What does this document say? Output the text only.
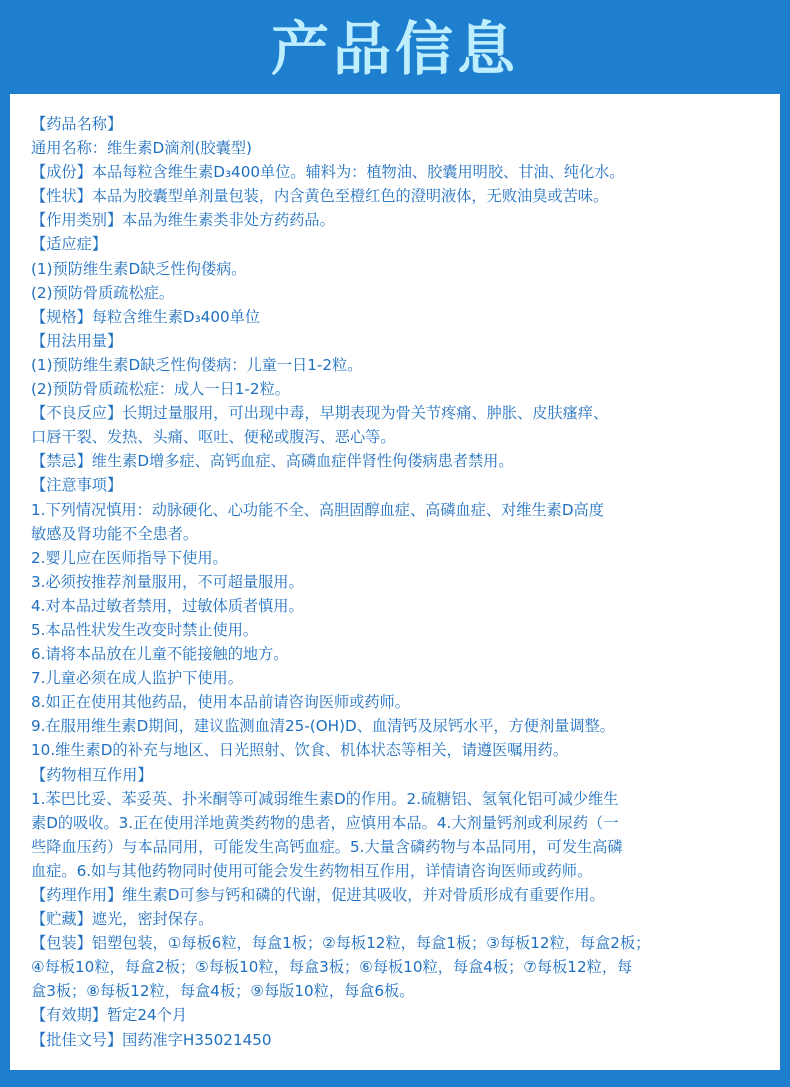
产品信息
【药品名称】
通用名称：维生素D滴剂(胶囊型)
【成份】本品每粒含维生素D₃400单位。辅料为：植物油、胶囊用明胶、甘油、纯化水。
【性状】本品为胶囊型单剂量包装，内含黄色至橙红色的澄明液体，无败油臭或苦味。
【作用类别】本品为维生素类非处方药药品。
【适应症】
(1)预防维生素D缺乏性佝偻病。
(2)预防骨质疏松症。
【规格】每粒含维生素D₃400单位
【用法用量】
(1)预防维生素D缺乏性佝偻病：儿童一日1-2粒。
(2)预防骨质疏松症：成人一日1-2粒。
【不良反应】长期过量服用，可出现中毒，早期表现为骨关节疼痛、肿胀、皮肤瘙痒、
口唇干裂、发热、头痛、呕吐、便秘或腹泻、恶心等。
【禁忌】维生素D增多症、高钙血症、高磷血症伴肾性佝偻病患者禁用。
【注意事项】
1.下列情况慎用：动脉硬化、心功能不全、高胆固醇血症、高磷血症、对维生素D高度
敏感及肾功能不全患者。
2.婴儿应在医师指导下使用。
3.必须按推荐剂量服用，不可超量服用。
4.对本品过敏者禁用，过敏体质者慎用。
5.本品性状发生改变时禁止使用。
6.请将本品放在儿童不能接触的地方。
7.儿童必须在成人监护下使用。
8.如正在使用其他药品，使用本品前请咨询医师或药师。
9.在服用维生素D期间，建议监测血清25-(OH)D、血清钙及尿钙水平，方便剂量调整。
10.维生素D的补充与地区、日光照射、饮食、机体状态等相关，请遵医嘱用药。
【药物相互作用】
1.苯巴比妥、苯妥英、扑米酮等可减弱维生素D的作用。2.硫糖铝、氢氧化铝可减少维生
素D的吸收。3.正在使用洋地黄类药物的患者，应慎用本品。4.大剂量钙剂或利尿药（一
些降血压药）与本品同用，可能发生高钙血症。5.大量含磷药物与本品同用，可发生高磷
血症。6.如与其他药物同时使用可能会发生药物相互作用，详情请咨询医师或药师。
【药理作用】维生素D可参与钙和磷的代谢，促进其吸收，并对骨质形成有重要作用。
【贮藏】遮光，密封保存。
【包装】铝塑包装，①每板6粒，每盒1板；②每板12粒，每盒1板；③每板12粒，每盒2板；
④每板10粒，每盒2板；⑤每板10粒，每盒3板；⑥每板10粒，每盒4板；⑦每板12粒，每
盒3板；⑧每板12粒，每盒4板；⑨每版10粒，每盒6板。
【有效期】暂定24个月
【批佳文号】国药准字H35021450
